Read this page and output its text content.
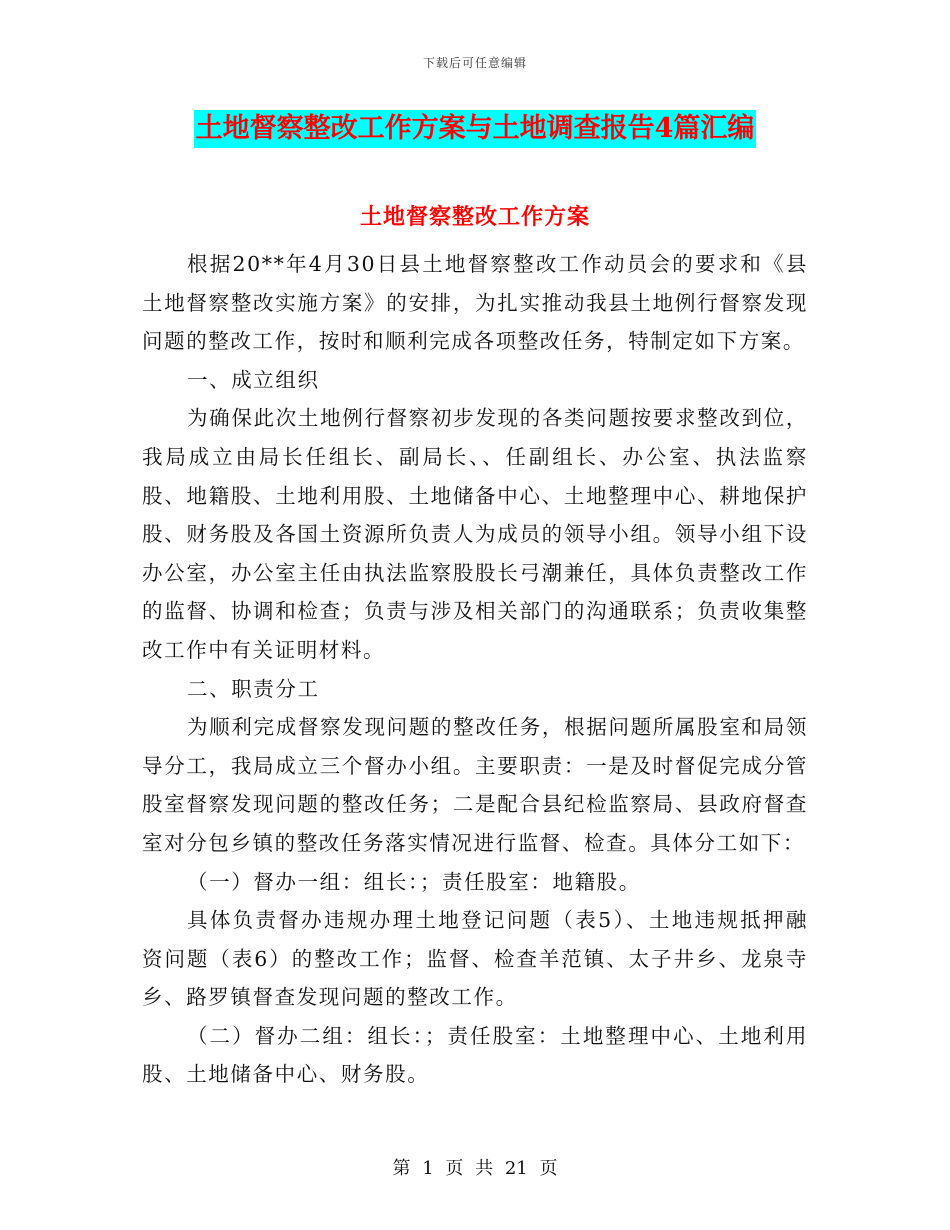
下载后可任意编辑
土地督察整改工作方案与土地调查报告4篇汇编
土地督察整改工作方案

根据20**年4月30日县土地督察整改工作动员会的要求和《县土地督察整改实施方案》的安排，为扎实推动我县土地例行督察发现问题的整改工作，按时和顺利完成各项整改任务，特制定如下方案。

一、成立组织

为确保此次土地例行督察初步发现的各类问题按要求整改到位，我局成立由局长任组长、副局长、、任副组长、办公室、执法监察股、地籍股、土地利用股、土地储备中心、土地整理中心、耕地保护股、财务股及各国土资源所负责人为成员的领导小组。领导小组下设办公室，办公室主任由执法监察股股长弓潮兼任，具体负责整改工作的监督、协调和检查；负责与涉及相关部门的沟通联系；负责收集整改工作中有关证明材料。

二、职责分工

为顺利完成督察发现问题的整改任务，根据问题所属股室和局领导分工，我局成立三个督办小组。主要职责：一是及时督促完成分管股室督察发现问题的整改任务；二是配合县纪检监察局、县政府督查室对分包乡镇的整改任务落实情况进行监督、检查。具体分工如下：

（一）督办一组：组长：；责任股室：地籍股。

具体负责督办违规办理土地登记问题（表5）、土地违规抵押融资问题（表6）的整改工作；监督、检查羊范镇、太子井乡、龙泉寺乡、路罗镇督查发现问题的整改工作。

（二）督办二组：组长：；责任股室：土地整理中心、土地利用股、土地储备中心、财务股。

第 1 页 共 21 页
